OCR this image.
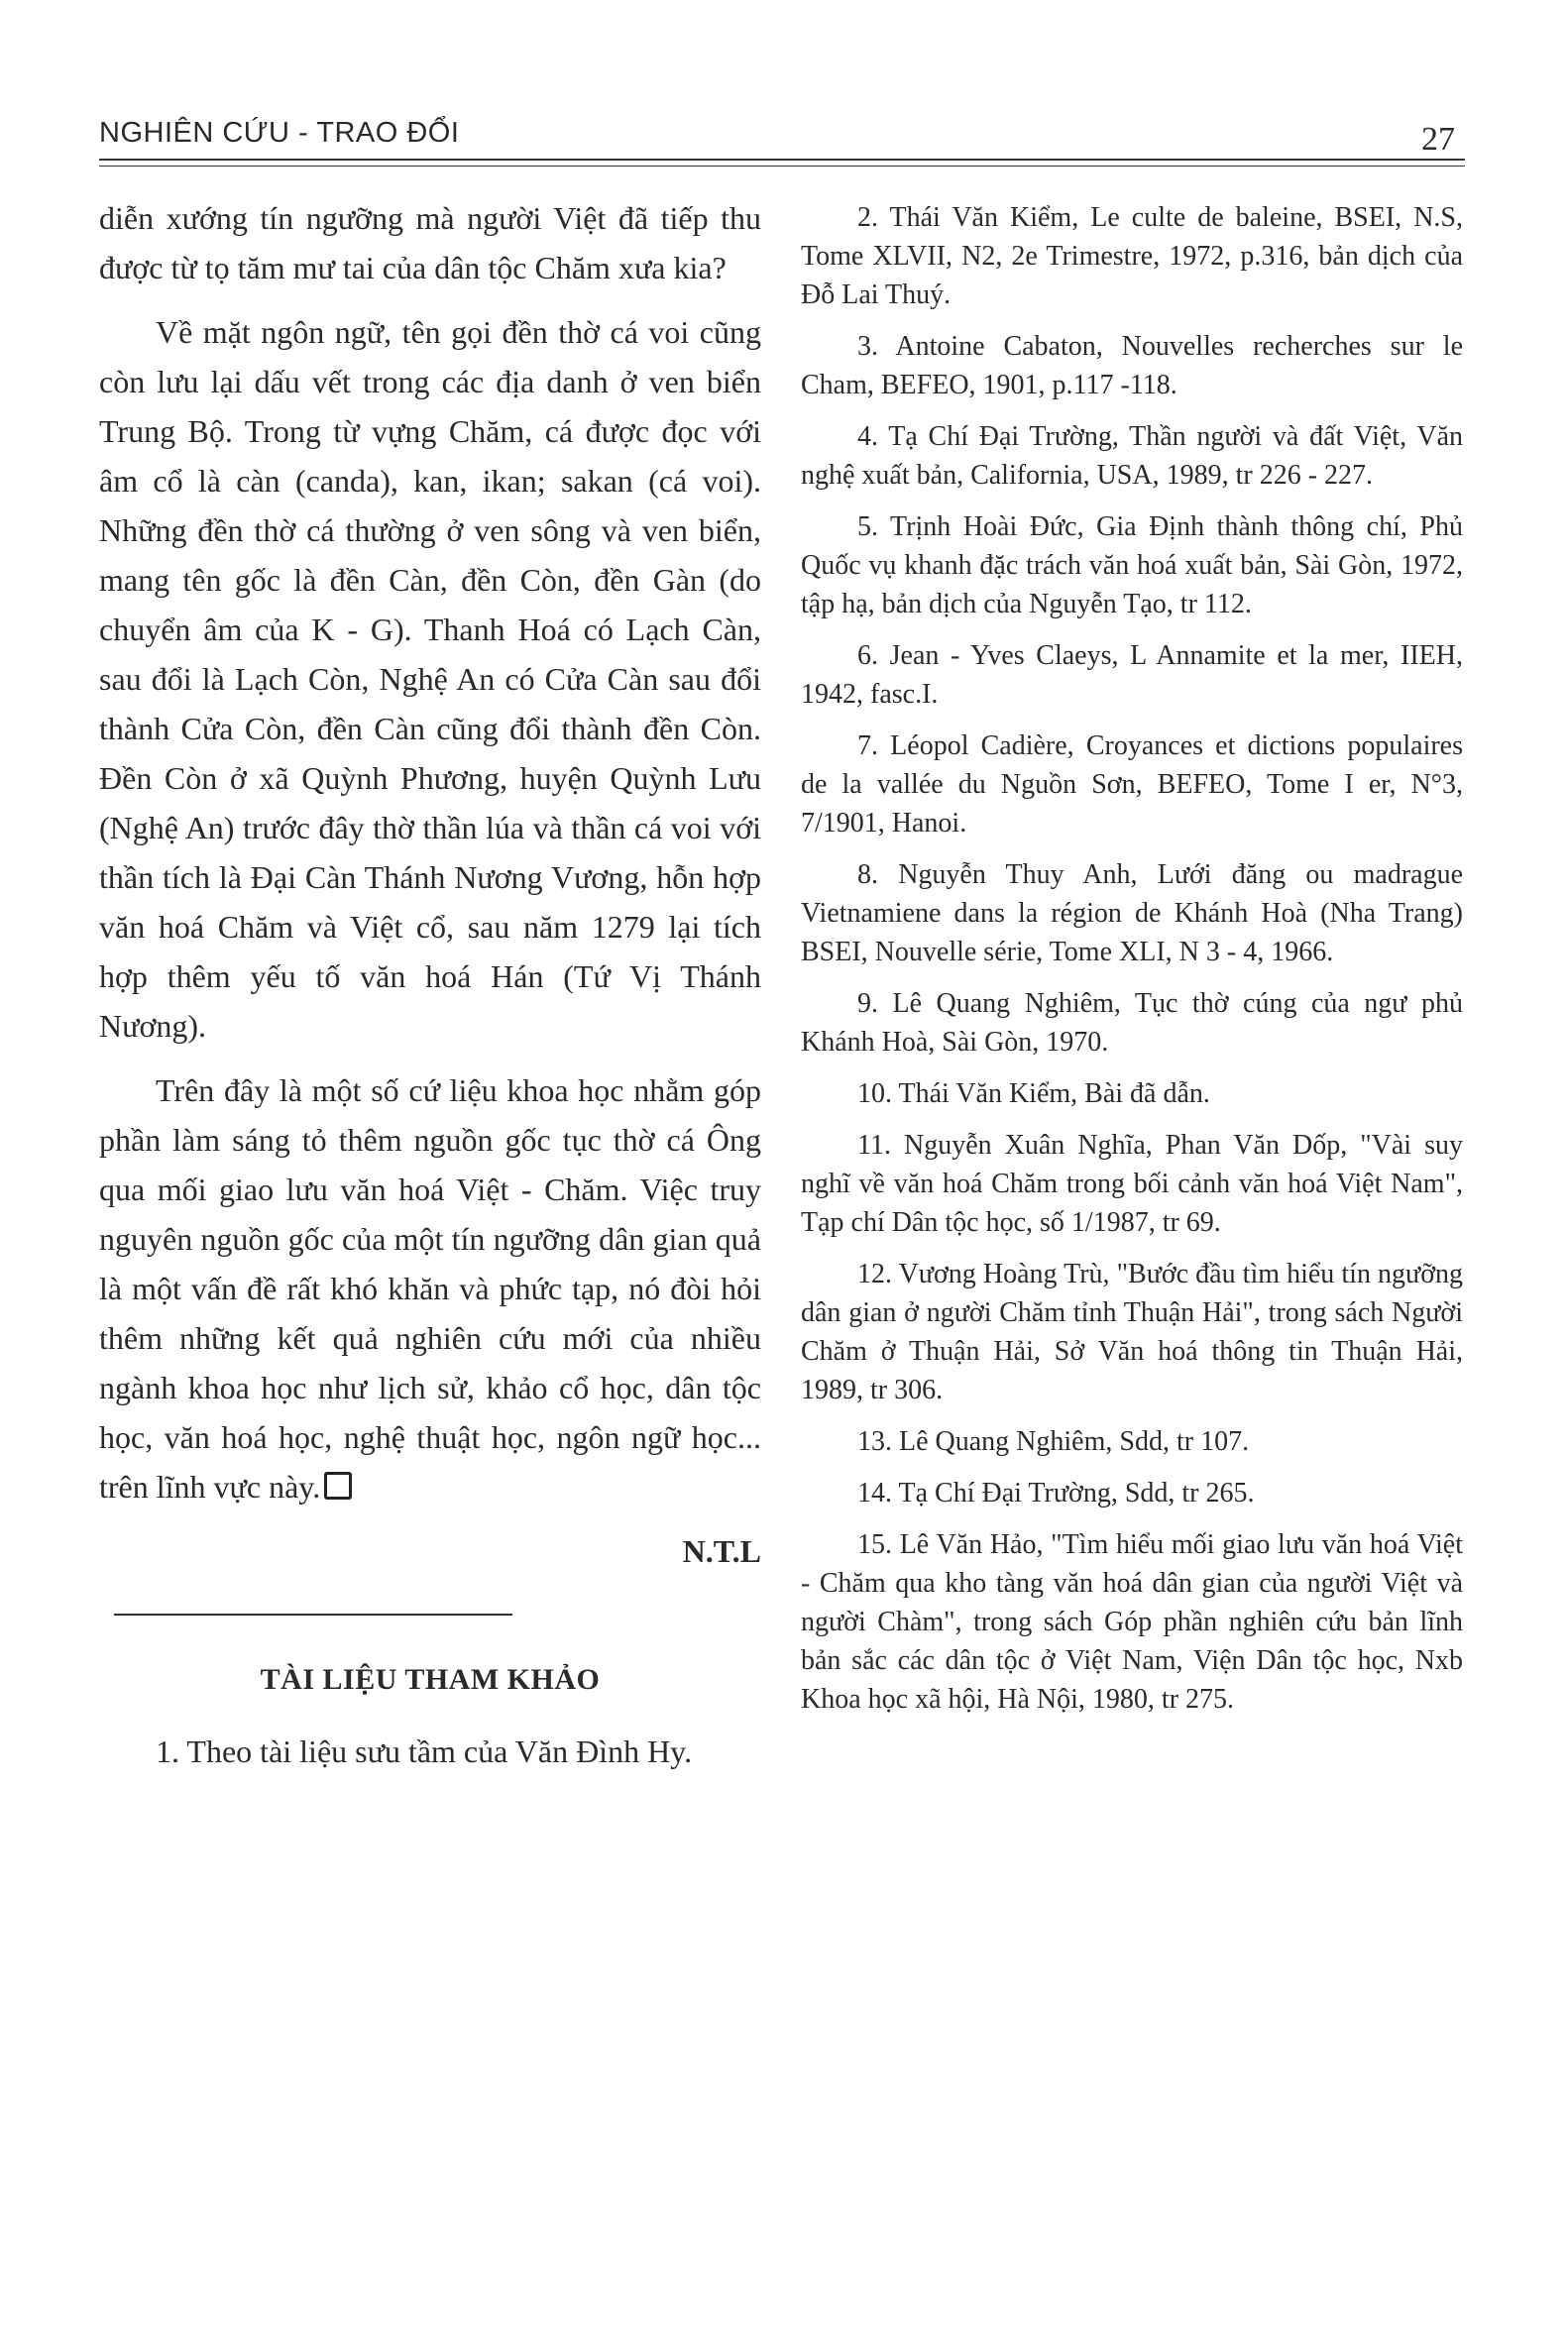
NGHIÊN CỨU - TRAO ĐỔI	27

diễn xướng tín ngưỡng mà người Việt đã tiếp thu được từ tọ tăm mư tai của dân tộc Chăm xưa kia?

Về mặt ngôn ngữ, tên gọi đền thờ cá voi cũng còn lưu lại dấu vết trong các địa danh ở ven biển Trung Bộ. Trong từ vựng Chăm, cá được đọc với âm cổ là càn (canda), kan, ikan; sakan (cá voi). Những đền thờ cá thường ở ven sông và ven biển, mang tên gốc là đền Càn, đền Còn, đền Gàn (do chuyển âm của K - G). Thanh Hoá có Lạch Càn, sau đổi là Lạch Còn, Nghệ An có Cửa Càn sau đổi thành Cửa Còn, đền Càn cũng đổi thành đền Còn. Đền Còn ở xã Quỳnh Phương, huyện Quỳnh Lưu (Nghệ An) trước đây thờ thần lúa và thần cá voi với thần tích là Đại Càn Thánh Nương Vương, hỗn hợp văn hoá Chăm và Việt cổ, sau năm 1279 lại tích hợp thêm yếu tố văn hoá Hán (Tứ Vị Thánh Nương).

Trên đây là một số cứ liệu khoa học nhằm góp phần làm sáng tỏ thêm nguồn gốc tục thờ cá Ông qua mối giao lưu văn hoá Việt - Chăm. Việc truy nguyên nguồn gốc của một tín ngưỡng dân gian quả là một vấn đề rất khó khăn và phức tạp, nó đòi hỏi thêm những kết quả nghiên cứu mới của nhiều ngành khoa học như lịch sử, khảo cổ học, dân tộc học, văn hoá học, nghệ thuật học, ngôn ngữ học... trên lĩnh vực này.

N.T.L
TÀI LIỆU THAM KHẢO

1. Theo tài liệu sưu tầm của Văn Đình Hy.

2. Thái Văn Kiểm, Le culte de baleine, BSEI, N.S, Tome XLVII, N2, 2e Trimestre, 1972, p.316, bản dịch của Đỗ Lai Thuý.

3. Antoine Cabaton, Nouvelles recherches sur le Cham, BEFEO, 1901, p.117 -118.

4. Tạ Chí Đại Trường, Thần người và đất Việt, Văn nghệ xuất bản, California, USA, 1989, tr 226 - 227.

5. Trịnh Hoài Đức, Gia Định thành thông chí, Phủ Quốc vụ khanh đặc trách văn hoá xuất bản, Sài Gòn, 1972, tập hạ, bản dịch của Nguyễn Tạo, tr 112.

6. Jean - Yves Claeys, L Annamite et la mer, IIEH, 1942, fasc.I.

7. Léopol Cadière, Croyances et dictions populaires de la vallée du Nguồn Sơn, BEFEO, Tome I er, N°3, 7/1901, Hanoi.

8. Nguyễn Thuy Anh, Lưới đăng ou madrague Vietnamiene dans la région de Khánh Hoà (Nha Trang) BSEI, Nouvelle série, Tome XLI, N 3 - 4, 1966.

9. Lê Quang Nghiêm, Tục thờ cúng của ngư phủ Khánh Hoà, Sài Gòn, 1970.

10. Thái Văn Kiểm, Bài đã dẫn.

11. Nguyễn Xuân Nghĩa, Phan Văn Dốp, "Vài suy nghĩ về văn hoá Chăm trong bối cảnh văn hoá Việt Nam", Tạp chí Dân tộc học, số 1/1987, tr 69.

12. Vương Hoàng Trù, "Bước đầu tìm hiểu tín ngưỡng dân gian ở người Chăm tỉnh Thuận Hải", trong sách Người Chăm ở Thuận Hải, Sở Văn hoá thông tin Thuận Hải, 1989, tr 306.

13. Lê Quang Nghiêm, Sdd, tr 107.

14. Tạ Chí Đại Trường, Sdd, tr 265.

15. Lê Văn Hảo, "Tìm hiểu mối giao lưu văn hoá Việt - Chăm qua kho tàng văn hoá dân gian của người Việt và người Chàm", trong sách Góp phần nghiên cứu bản lĩnh bản sắc các dân tộc ở Việt Nam, Viện Dân tộc học, Nxb Khoa học xã hội, Hà Nội, 1980, tr 275.
